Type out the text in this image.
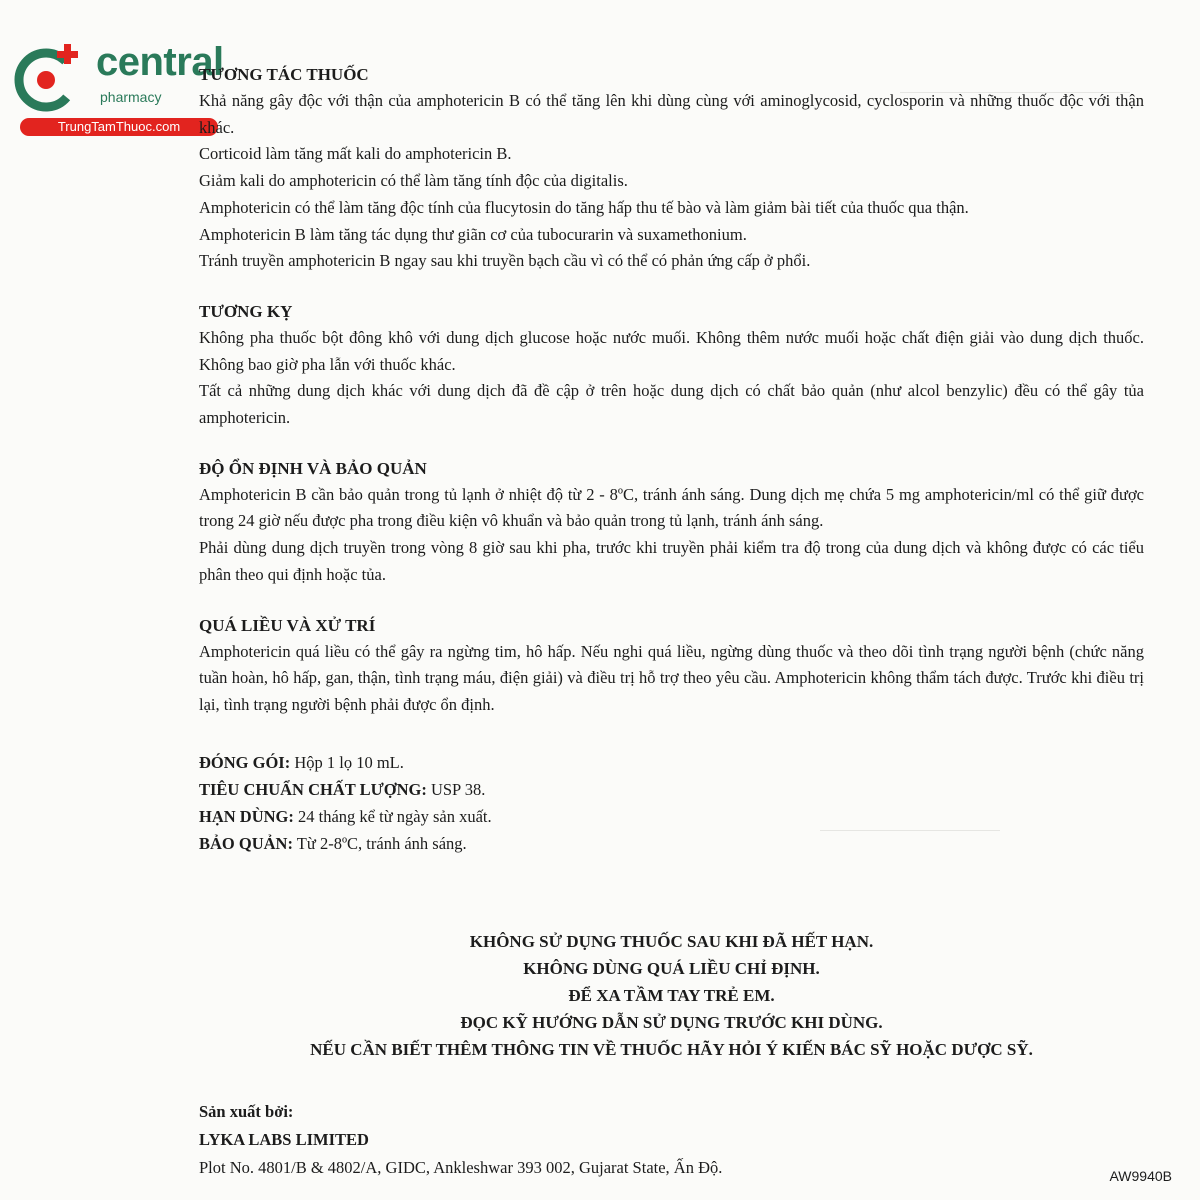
central
pharmacy
TrungTamThuoc.com

TƯƠNG TÁC THUỐC

Khả năng gây độc với thận của amphotericin B có thể tăng lên khi dùng cùng với aminoglycosid, cyclosporin và những thuốc độc với thận khác.

Corticoid làm tăng mất kali do amphotericin B.

Giảm kali do amphotericin có thể làm tăng tính độc của digitalis.

Amphotericin có thể làm tăng độc tính của flucytosin do tăng hấp thu tế bào và làm giảm bài tiết của thuốc qua thận.

Amphotericin B làm tăng tác dụng thư giãn cơ của tubocurarin và suxamethonium.

Tránh truyền amphotericin B ngay sau khi truyền bạch cầu vì có thể có phản ứng cấp ở phổi.

TƯƠNG KỴ

Không pha thuốc bột đông khô với dung dịch glucose hoặc nước muối. Không thêm nước muối hoặc chất điện giải vào dung dịch thuốc. Không bao giờ pha lẫn với thuốc khác.

Tất cả những dung dịch khác với dung dịch đã đề cập ở trên hoặc dung dịch có chất bảo quản (như alcol benzylic) đều có thể gây tủa amphotericin.

ĐỘ ỔN ĐỊNH VÀ BẢO QUẢN

Amphotericin B cần bảo quản trong tủ lạnh ở nhiệt độ từ 2 - 8ºC, tránh ánh sáng. Dung dịch mẹ chứa 5 mg amphotericin/ml có thể giữ được trong 24 giờ nếu được pha trong điều kiện vô khuẩn và bảo quản trong tủ lạnh, tránh ánh sáng.

Phải dùng dung dịch truyền trong vòng 8 giờ sau khi pha, trước khi truyền phải kiểm tra độ trong của dung dịch và không được có các tiểu phân theo qui định hoặc tủa.

QUÁ LIỀU VÀ XỬ TRÍ

Amphotericin quá liều có thể gây ra ngừng tim, hô hấp. Nếu nghi quá liều, ngừng dùng thuốc và theo dõi tình trạng người bệnh (chức năng tuần hoàn, hô hấp, gan, thận, tình trạng máu, điện giải) và điều trị hỗ trợ theo yêu cầu. Amphotericin không thẩm tách được. Trước khi điều trị lại, tình trạng người bệnh phải được ổn định.

ĐÓNG GÓI: Hộp 1 lọ 10 mL.

TIÊU CHUẨN CHẤT LƯỢNG: USP 38.

HẠN DÙNG: 24 tháng kể từ ngày sản xuất.

BẢO QUẢN: Từ 2-8ºC, tránh ánh sáng.

KHÔNG SỬ DỤNG THUỐC SAU KHI ĐÃ HẾT HẠN.

KHÔNG DÙNG QUÁ LIỀU CHỈ ĐỊNH.

ĐỂ XA TẦM TAY TRẺ EM.

ĐỌC KỸ HƯỚNG DẪN SỬ DỤNG TRƯỚC KHI DÙNG.

NẾU CẦN BIẾT THÊM THÔNG TIN VỀ THUỐC HÃY HỎI Ý KIẾN BÁC SỸ HOẶC DƯỢC SỸ.

Sản xuất bởi:

LYKA LABS LIMITED

Plot No. 4801/B & 4802/A, GIDC, Ankleshwar 393 002, Gujarat State, Ấn Độ.	AW9940B
